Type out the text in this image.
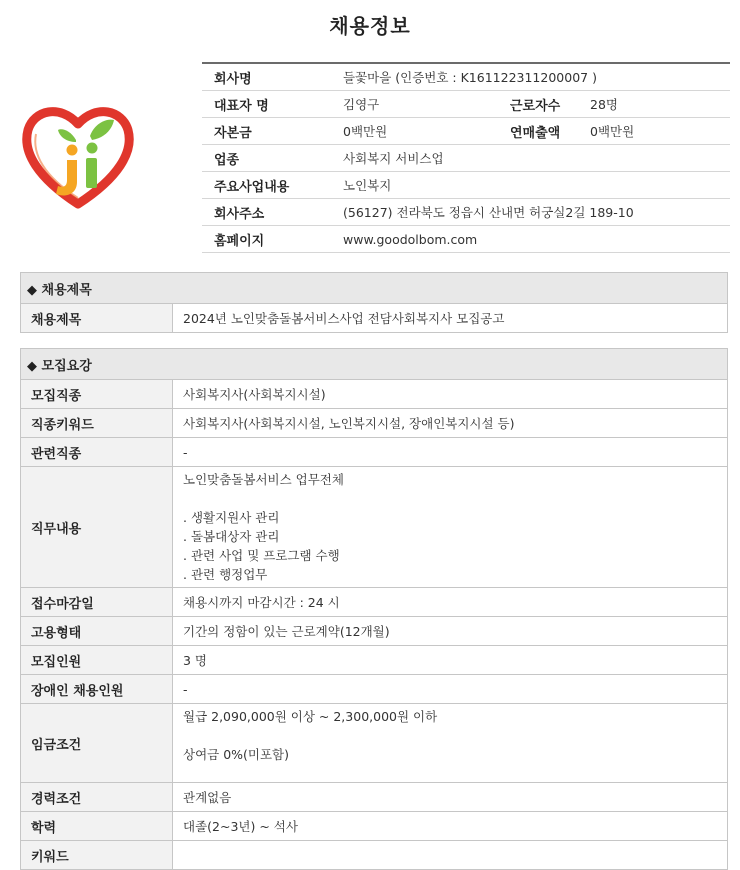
채용정보
회사명	들꽃마을 (인증번호 : K161122311200007 )		
대표자 명	김영구	근로자수	28명
자본금	0백만원	연매출액	0백만원
업종	사회복지 서비스업		
주요사업내용	노인복지		
회사주소	(56127) 전라북도 정읍시 산내면 허궁실2길 189-10		
홈페이지	www.goodolbom.com		
◆ 채용제목
채용제목	2024년 노인맞춤돌봄서비스사업 전담사회복지사 모집공고
◆ 모집요강	
모집직종	사회복지사(사회복지시설)
직종키워드	사회복지사(사회복지시설, 노인복지시설, 장애인복지시설 등)
관련직종	-
직무내용	노인맞춤돌봄서비스 업무전체
. 생활지원사 관리
. 돌봄대상자 관리
. 관련 사업 및 프로그램 수행
. 관련 행정업무

접수마감일	채용시까지 마감시간 : 24 시
고용형태	기간의 정함이 있는 근로계약(12개월)
모집인원	3 명
장애인 채용인원	-
임금조건	월급 2,090,000원 이상 ~ 2,300,000원 이하
상여금 0%(미포함)

경력조건	관계없음
학력	대졸(2~3년) ~ 석사
키워드	
